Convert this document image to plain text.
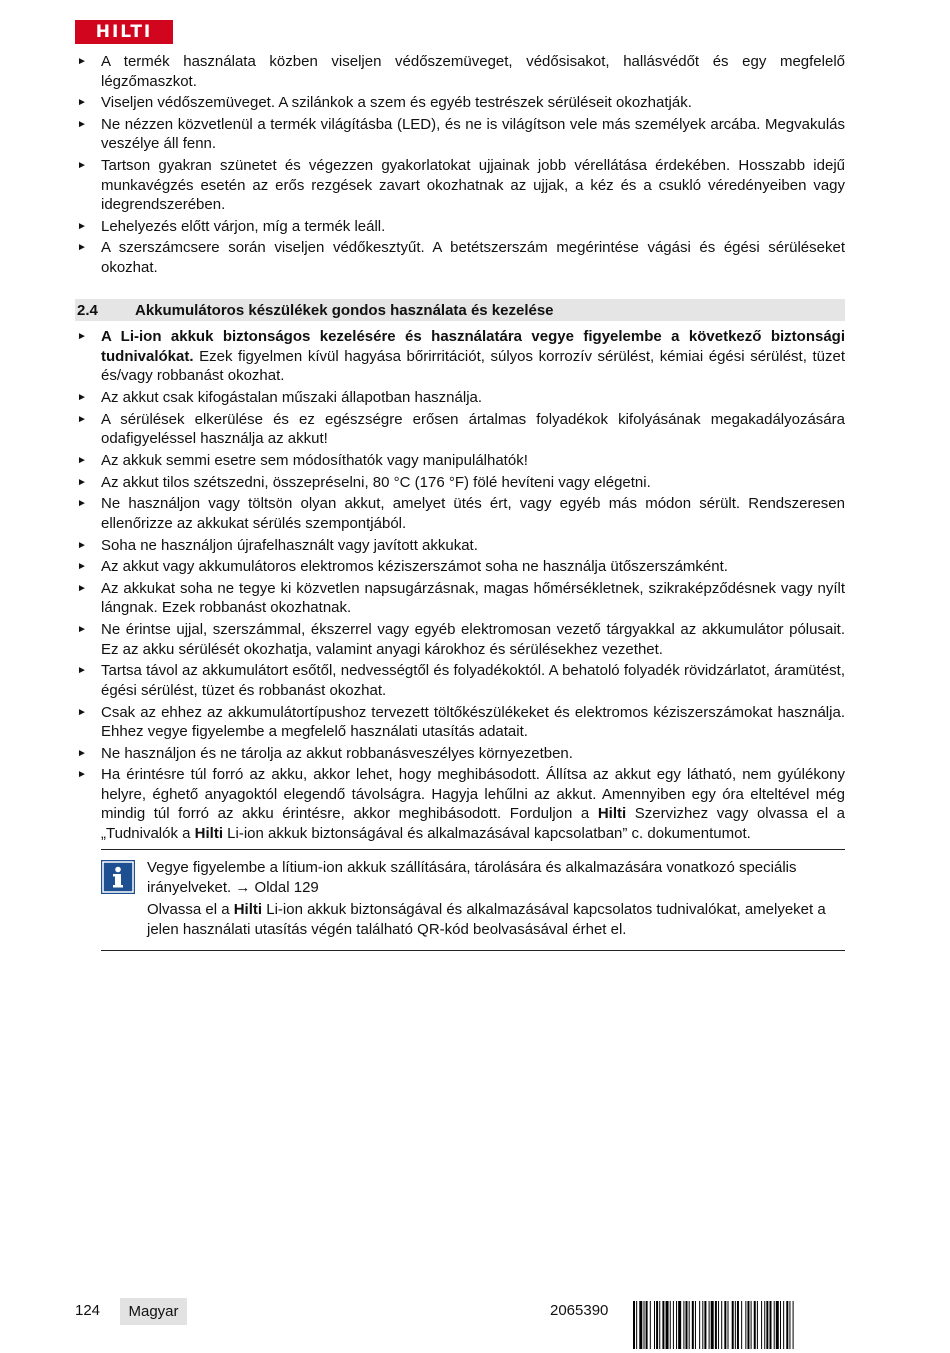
HILTI
► A termék használata közben viseljen védőszemüveget, védősisakot, hallásvédőt és egy megfelelő légzőmaszkot.
► Viseljen védőszemüveget. A szilánkok a szem és egyéb testrészek sérüléseit okozhatják.
► Ne nézzen közvetlenül a termék világításba (LED), és ne is világítson vele más személyek arcába. Megvakulás veszélye áll fenn.
► Tartson gyakran szünetet és végezzen gyakorlatokat ujjainak jobb vérellátása érdekében. Hosszabb idejű munkavégzés esetén az erős rezgések zavart okozhatnak az ujjak, a kéz és a csukló véredényeiben vagy idegrendszerében.
► Lehelyezés előtt várjon, míg a termék leáll.
► A szerszámcsere során viseljen védőkesztyűt. A betétszerszám megérintése vágási és égési sérüléseket okozhat.
2.4	Akkumulátoros készülékek gondos használata és kezelése
► A Li-ion akkuk biztonságos kezelésére és használatára vegye figyelembe a következő biztonsági tudnivalókat. Ezek figyelmen kívül hagyása bőrirritációt, súlyos korrozív sérülést, kémiai égési sérülést, tüzet és/vagy robbanást okozhat.
► Az akkut csak kifogástalan műszaki állapotban használja.
► A sérülések elkerülése és ez egészségre erősen ártalmas folyadékok kifolyásának megakadályozására odafigyeléssel használja az akkut!
► Az akkuk semmi esetre sem módosíthatók vagy manipulálhatók!
► Az akkut tilos szétszedni, összepréselni, 80 °C (176 °F) fölé hevíteni vagy elégetni.
► Ne használjon vagy töltsön olyan akkut, amelyet ütés ért, vagy egyéb más módon sérült. Rendszeresen ellenőrizze az akkukat sérülés szempontjából.
► Soha ne használjon újrafelhasznált vagy javított akkukat.
► Az akkut vagy akkumulátoros elektromos kéziszerszámot soha ne használja ütőszerszámként.
► Az akkukat soha ne tegye ki közvetlen napsugárzásnak, magas hőmérsékletnek, szikraképződésnek vagy nyílt lángnak. Ezek robbanást okozhatnak.
► Ne érintse ujjal, szerszámmal, ékszerrel vagy egyéb elektromosan vezető tárgyakkal az akkumulátor pólusait. Ez az akku sérülését okozhatja, valamint anyagi károkhoz és sérülésekhez vezethet.
► Tartsa távol az akkumulátort esőtől, nedvességtől és folyadékoktól. A behatoló folyadék rövidzárlatot, áramütést, égési sérülést, tüzet és robbanást okozhat.
► Csak az ehhez az akkumulátortípushoz tervezett töltőkészülékeket és elektromos kéziszerszámokat használja. Ehhez vegye figyelembe a megfelelő használati utasítás adatait.
► Ne használjon és ne tárolja az akkut robbanásveszélyes környezetben.
► Ha érintésre túl forró az akku, akkor lehet, hogy meghibásodott. Állítsa az akkut egy látható, nem gyúlékony helyre, éghető anyagoktól elegendő távolságra. Hagyja lehűlni az akkut. Amennyiben egy óra elteltével még mindig túl forró az akku érintésre, akkor meghibásodott. Forduljon a Hilti Szervizhez vagy olvassa el a „Tudnivalók a Hilti Li-ion akkuk biztonságával és alkalmazásával kapcsolatban” c. dokumentumot.

Vegye figyelembe a lítium-ion akkuk szállítására, tárolására és alkalmazására vonatkozó speciális irányelveket. → Oldal 129

Olvassa el a Hilti Li-ion akkuk biztonságával és alkalmazásával kapcsolatos tudnivalókat, amelyeket a jelen használati utasítás végén található QR-kód beolvasásával érhet el.

124 Magyar	2065390
